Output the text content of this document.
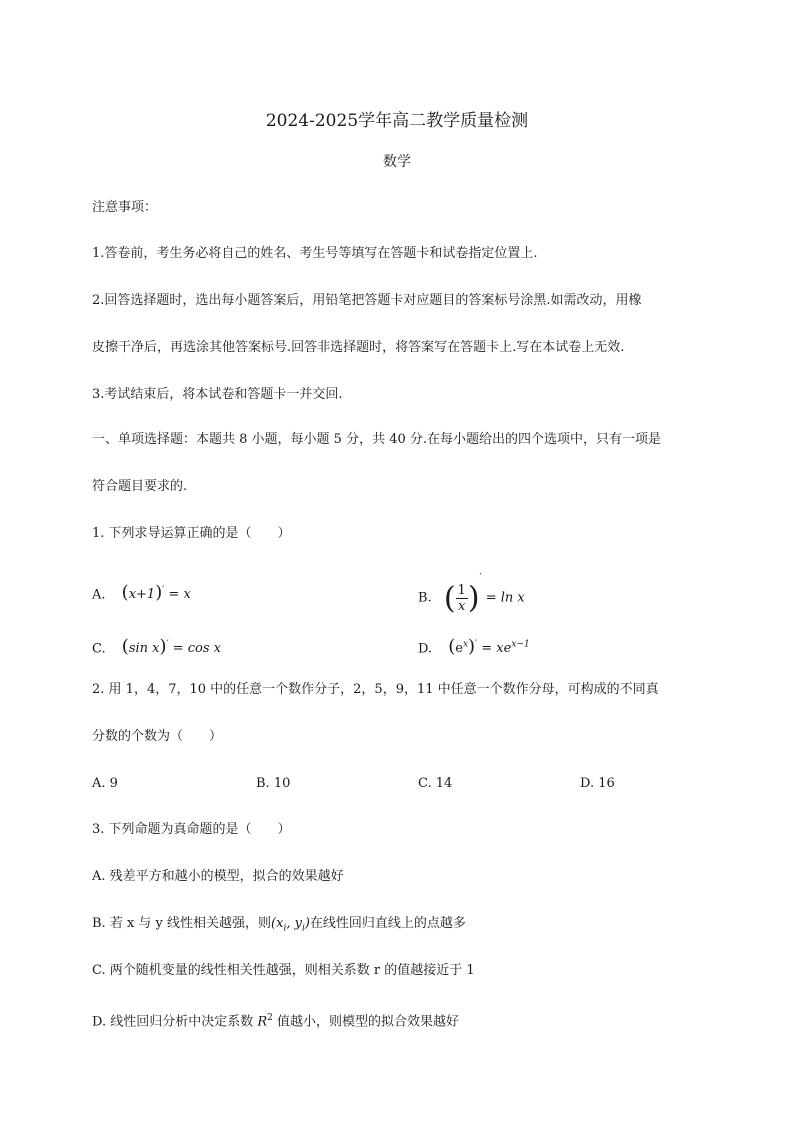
2024-2025学年高二教学质量检测
数学
注意事项：
1.答卷前，考生务必将自己的姓名、考生号等填写在答题卡和试卷指定位置上.
2.回答选择题时，选出每小题答案后，用铅笔把答题卡对应题目的答案标号涂黑.如需改动，用橡
皮擦干净后，再选涂其他答案标号.回答非选择题时，将答案写在答题卡上.写在本试卷上无效.
3.考试结束后，将本试卷和答题卡一并交回.
一、单项选择题：本题共 8 小题，每小题 5 分，共 40 分.在每小题给出的四个选项中，只有一项是
符合题目要求的.
1. 下列求导运算正确的是（　　）
A. (x+1)′ = x	B. ( $\frac{1}{x} )' = \ln x$
C. (sin x)′ = cos x	D. $(e^x)' = xe^{x-1}$
2. 用 1，4，7，10 中的任意一个数作分子，2，5，9，11 中任意一个数作分母，可构成的不同真
分数的个数为（　　）
A. 9	B. 10	C. 14	D. 16
3. 下列命题为真命题的是（　　）
A. 残差平方和越小的模型，拟合的效果越好
B. 若 x 与 y 线性相关越强，则($x_i$, $y_i$)在线性回归直线上的点越多
C. 两个随机变量的线性相关性越强，则相关系数 r 的值越接近于 1
D. 线性回归分析中决定系数 $R^2$ 值越小，则模型的拟合效果越好
